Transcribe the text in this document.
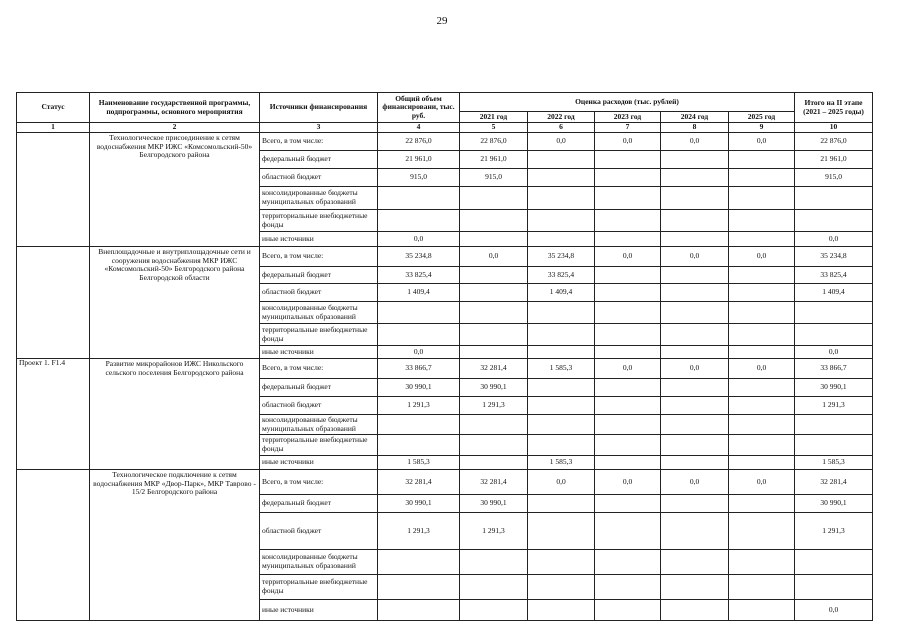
29
Статус	Наименование государственной программы, подпрограммы, основного мероприятия	Источники финансирования	Общий объем финансировани, тыс. руб.	Оценка расходов (тыс. рублей)					Итого на II этапе (2021 – 2025 годы)
				2021 год	2022 год	2023 год	2024 год	2025 год	
1	2	3	4	5	6	7	8	9	10
	Технологическое присоединение к сетям водоснабжения МКР ИЖС «Комсомольский-50» Белгородского района	Всего, в том числе:	22 876,0	22 876,0	0,0	0,0	0,0	0,0	22 876,0
		федеральный бюджет	21 961,0	21 961,0					21 961,0
		областной бюджет	915,0	915,0					915,0
		консолидированные бюджеты муниципальных образований							
		территориальные внебюджетные фонды							
		иные источники	0,0						0,0
	Внеплощадочные и внутриплощадочные сети и сооружения водоснабжения МКР ИЖС «Комсомольский-50» Белгородского района Белгородской области	Всего, в том числе:	35 234,8	0,0	35 234,8	0,0	0,0	0,0	35 234,8
		федеральный бюджет	33 825,4		33 825,4				33 825,4
		областной бюджет	1 409,4		1 409,4				1 409,4
		консолидированные бюджеты муниципальных образований							
		территориальные внебюджетные фонды							
		иные источники	0,0						0,0
Проект 1. F1.4	Развитие микрорайонов ИЖС Никольского сельского поселения Белгородского района	Всего, в том числе:	33 866,7	32 281,4	1 585,3	0,0	0,0	0,0	33 866,7
		федеральный бюджет	30 990,1	30 990,1					30 990,1
		областной бюджет	1 291,3	1 291,3					1 291,3
		консолидированные бюджеты муниципальных образований							
		территориальные внебюджетные фонды							
		иные источники	1 585,3		1 585,3				1 585,3
	Технологическое подключение к сетям водоснабжения МКР «Двор-Парк», МКР Таврово - 15/2 Белгородского района	Всего, в том числе:	32 281,4	32 281,4	0,0	0,0	0,0	0,0	32 281,4
		федеральный бюджет	30 990,1	30 990,1					30 990,1
		областной бюджет	1 291,3	1 291,3					1 291,3
		консолидированные бюджеты муниципальных образований							
		территориальные внебюджетные фонды							
		иные источники							0,0
